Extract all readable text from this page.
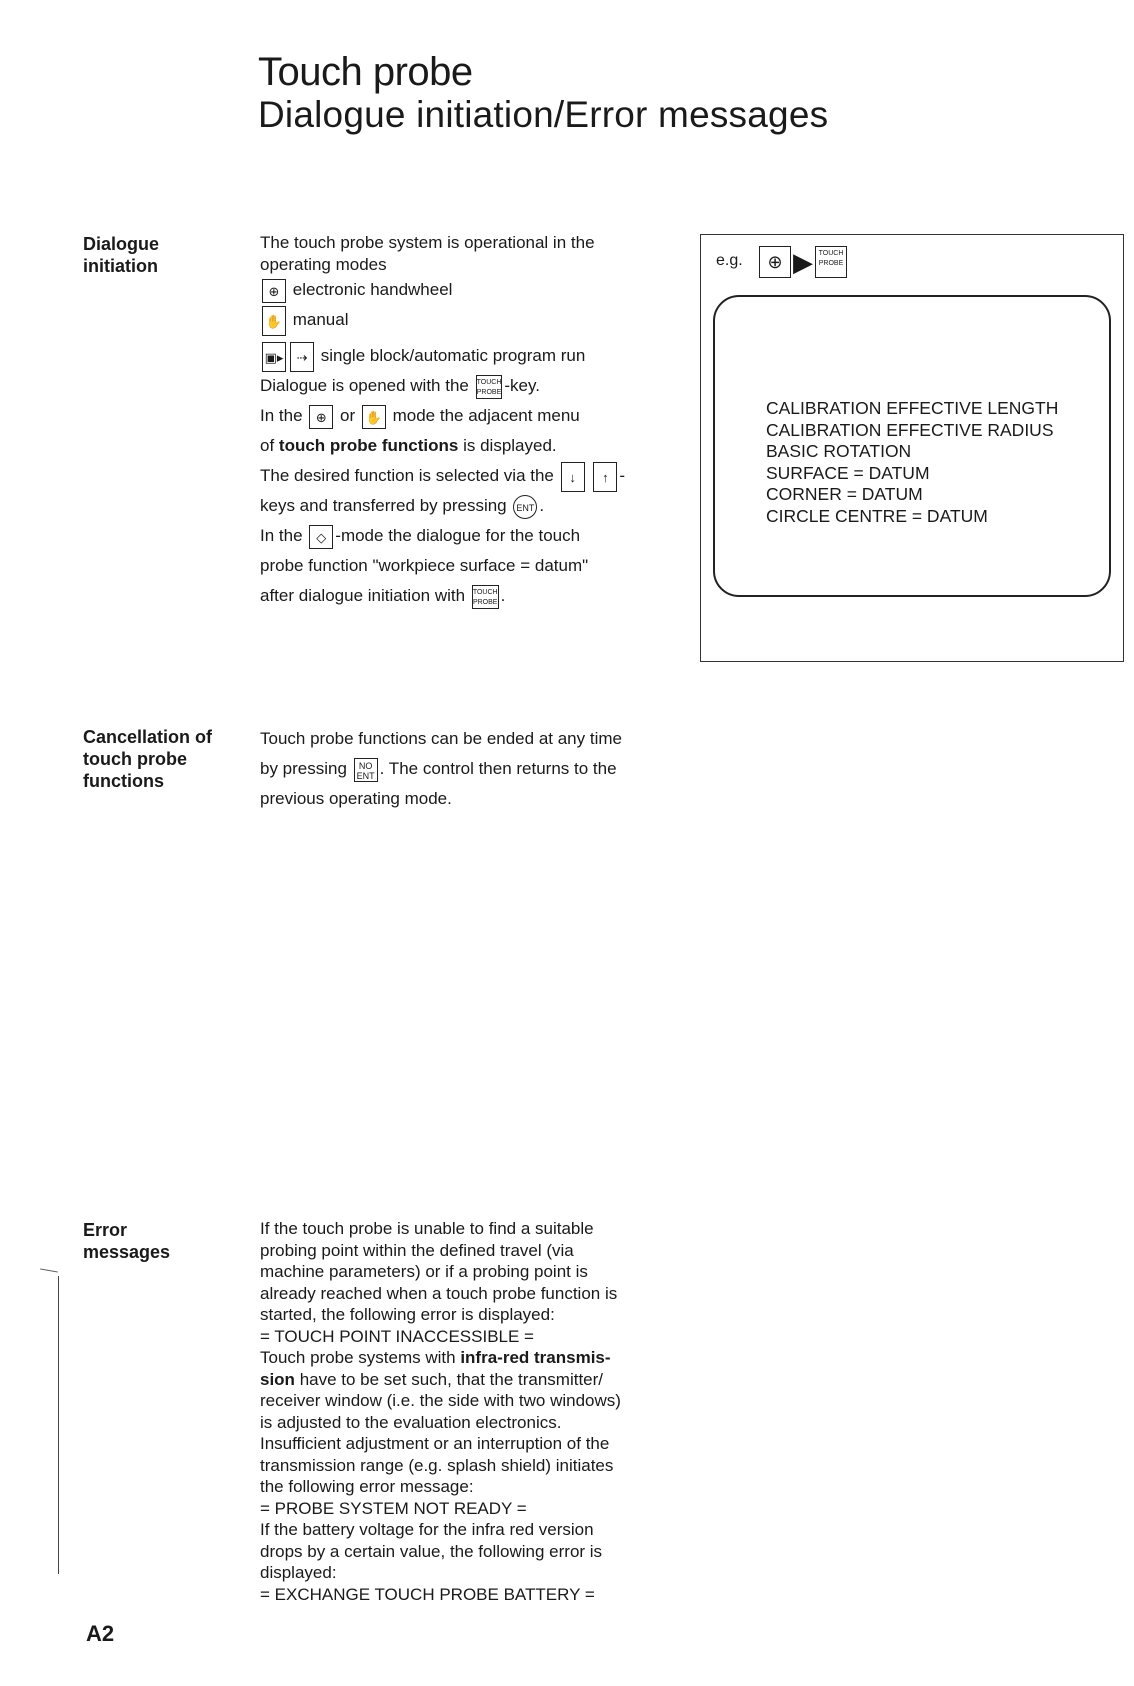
Touch probe
Dialogue initiation/Error messages
Dialogue
initiation
The touch probe system is operational in the
operating modes
⊕ electronic handwheel
✋ manual
▣▸ ⇢ single block/automatic program run
Dialogue is opened with the TOUCH
PROBE -key.
In the ⊕ or ✋ mode the adjacent menu
of touch probe functions is displayed.
The desired function is selected via the ↓ ↑ -
keys and transferred by pressing ENT .
In the ◇ -mode the dialogue for the touch
probe function "workpiece surface = datum"
after dialogue initiation with TOUCH
PROBE .
e.g.	⊕ ▶ TOUCH
PROBE
CALIBRATION EFFECTIVE LENGTH
CALIBRATION EFFECTIVE RADIUS
BASIC ROTATION
SURFACE = DATUM
CORNER = DATUM
CIRCLE CENTRE = DATUM
Cancellation of
touch probe
functions
Touch probe functions can be ended at any time
by pressing NO
ENT . The control then returns to the
previous operating mode.
Error
messages
If the touch probe is unable to find a suitable
probing point within the defined travel (via
machine parameters) or if a probing point is
already reached when a touch probe function is
started, the following error is displayed:
= TOUCH POINT INACCESSIBLE =
Touch probe systems with infra-red transmis-
sion have to be set such, that the transmitter/
receiver window (i.e. the side with two windows)
is adjusted to the evaluation electronics.
Insufficient adjustment or an interruption of the
transmission range (e.g. splash shield) initiates
the following error message:
= PROBE SYSTEM NOT READY =
If the battery voltage for the infra red version
drops by a certain value, the following error is
displayed:
= EXCHANGE TOUCH PROBE BATTERY =
A2
